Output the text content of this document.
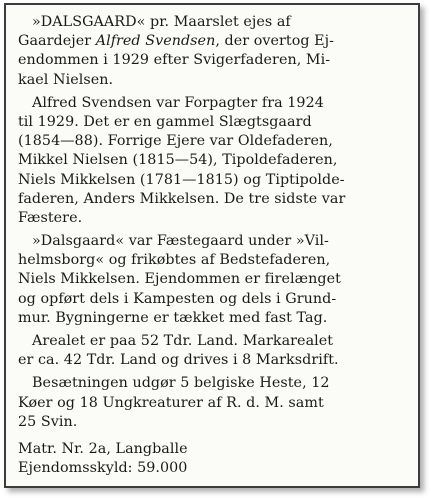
»DALSGAARD« pr. Maarslet ejes af
Gaardejer Alfred Svendsen, der overtog Ej-
endommen i 1929 efter Svigerfaderen, Mi-
kael Nielsen.
Alfred Svendsen var Forpagter fra 1924
til 1929. Det er en gammel Slægtsgaard
(1854—88). Forrige Ejere var Oldefaderen,
Mikkel Nielsen (1815—54), Tipoldefaderen,
Niels Mikkelsen (1781—1815) og Tiptipolde-
faderen, Anders Mikkelsen. De tre sidste var
Fæstere.
»Dalsgaard« var Fæstegaard under »Vil-
helmsborg« og frikøbtes af Bedstefaderen,
Niels Mikkelsen. Ejendommen er firelænget
og opført dels i Kampesten og dels i Grund-
mur. Bygningerne er tækket med fast Tag.
Arealet er paa 52 Tdr. Land. Markarealet
er ca. 42 Tdr. Land og drives i 8 Marksdrift.
Besætningen udgør 5 belgiske Heste, 12
Køer og 18 Ungkreaturer af R. d. M. samt
25 Svin.
Matr. Nr. 2a, Langballe
Ejendomsskyld: 59.000
